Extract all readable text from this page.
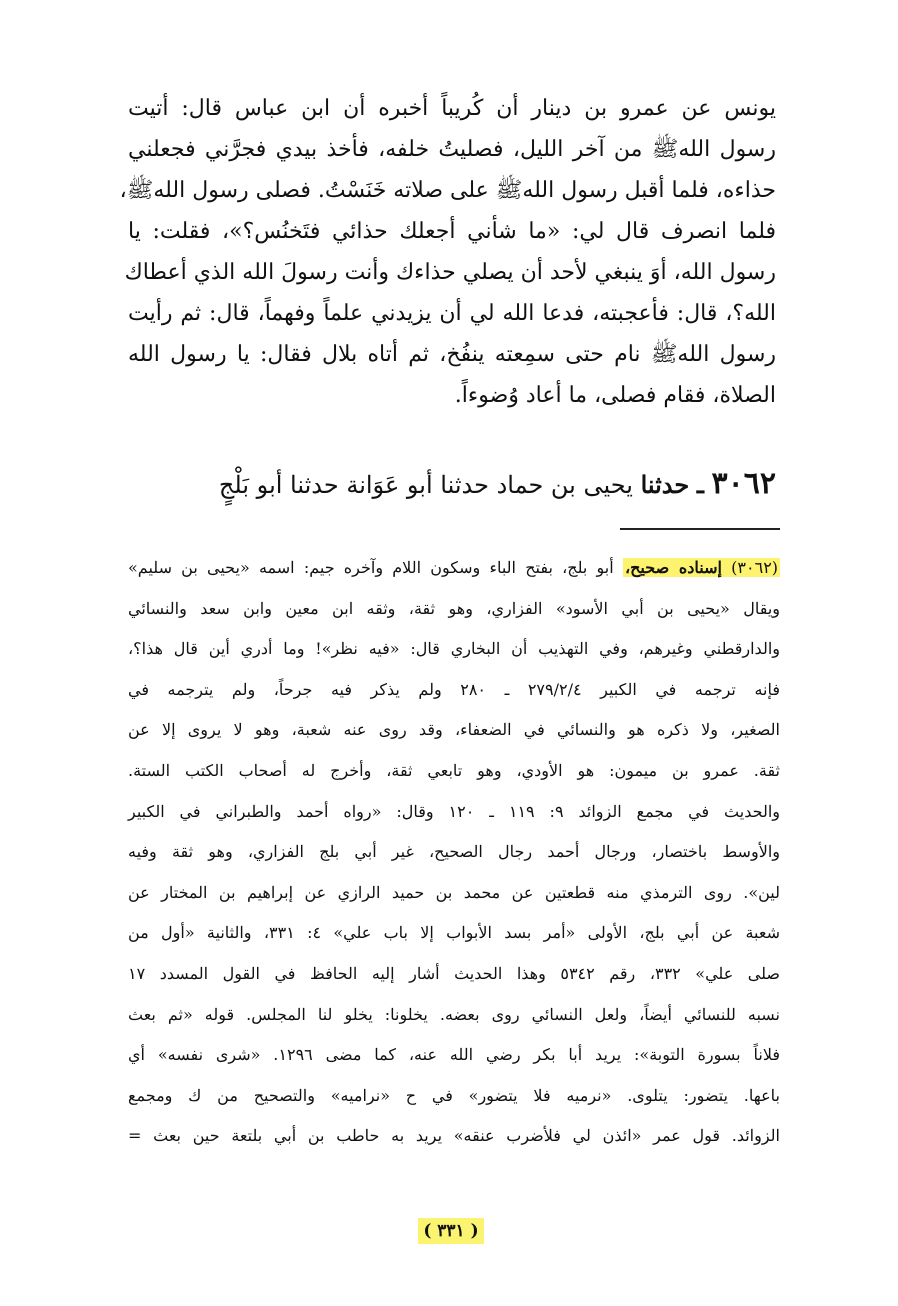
يونس عن عمرو بن دينار أن كُريباً أخبره أن ابن عباس قال: أتيت
رسول اللهﷺ من آخر الليل، فصليتُ خلفه، فأخذ بيدي فجرَّني فجعلني
حذاءه، فلما أقبل رسول اللهﷺ على صلاته خَنَسْتُ. فصلى رسول اللهﷺ،
فلما انصرف قال لي: «ما شأني أجعلك حذائي فتَخنُس؟»، فقلت: يا
رسول الله، أوَ ينبغي لأحد أن يصلي حذاءك وأنت رسولَ الله الذي أعطاك
الله؟، قال: فأعجبته، فدعا الله لي أن يزيدني علماً وفهماً، قال: ثم رأيت
رسول اللهﷺ نام حتى سمِعته ينفُخ، ثم أتاه بلال فقال: يا رسول الله
الصلاة، فقام فصلى، ما أعاد وُضوءاً.
٣٠٦٢ ـ حدثنا يحيى بن حماد حدثنا أبو عَوَانة حدثنا أبو بَلْجٍ
(٣٠٦٢) إسناده صحيح، أبو بلج، بفتح الباء وسكون اللام وآخره جيم: اسمه «يحيى بن سليم»
ويقال «يحيى بن أبي الأسود» الفزاري، وهو ثقة، وثقه ابن معين وابن سعد والنسائي
والدارقطني وغيرهم، وفي التهذيب أن البخاري قال: «فيه نظر»! وما أدري أين قال هذا؟،
فإنه ترجمه في الكبير ٢٧٩/٢/٤ ـ ٢٨٠ ولم يذكر فيه جرحاً، ولم يترجمه في
الصغير، ولا ذكره هو والنسائي في الضعفاء، وقد روى عنه شعبة، وهو لا يروى إلا عن
ثقة. عمرو بن ميمون: هو الأودي، وهو تابعي ثقة، وأخرج له أصحاب الكتب الستة.
والحديث في مجمع الزوائد ٩: ١١٩ ـ ١٢٠ وقال: «رواه أحمد والطبراني في الكبير
والأوسط باختصار، ورجال أحمد رجال الصحيح، غير أبي بلج الفزاري، وهو ثقة وفيه
لين». روى الترمذي منه قطعتين عن محمد بن حميد الرازي عن إبراهيم بن المختار عن
شعبة عن أبي بلج، الأولى «أمر بسد الأبواب إلا باب علي» ٤: ٣٣١، والثانية «أول من
صلى علي» ٣٣٢، رقم ٥٣٤٢ وهذا الحديث أشار إليه الحافظ في القول المسدد ١٧
نسبه للنسائي أيضاً، ولعل النسائي روى بعضه. يخلونا: يخلو لنا المجلس. قوله «ثم بعث
فلاناً بسورة التوبة»: يريد أبا بكر رضي الله عنه، كما مضى ١٢٩٦. «شرى نفسه» أي
باعها. يتضور: يتلوى. «نرميه فلا يتضور» في ح «نراميه» والتصحيح من ك ومجمع
الزوائد. قول عمر «ائذن لي فلأضرب عنقه» يريد به حاطب بن أبي بلتعة حين بعث =
( ٣٣١ )
